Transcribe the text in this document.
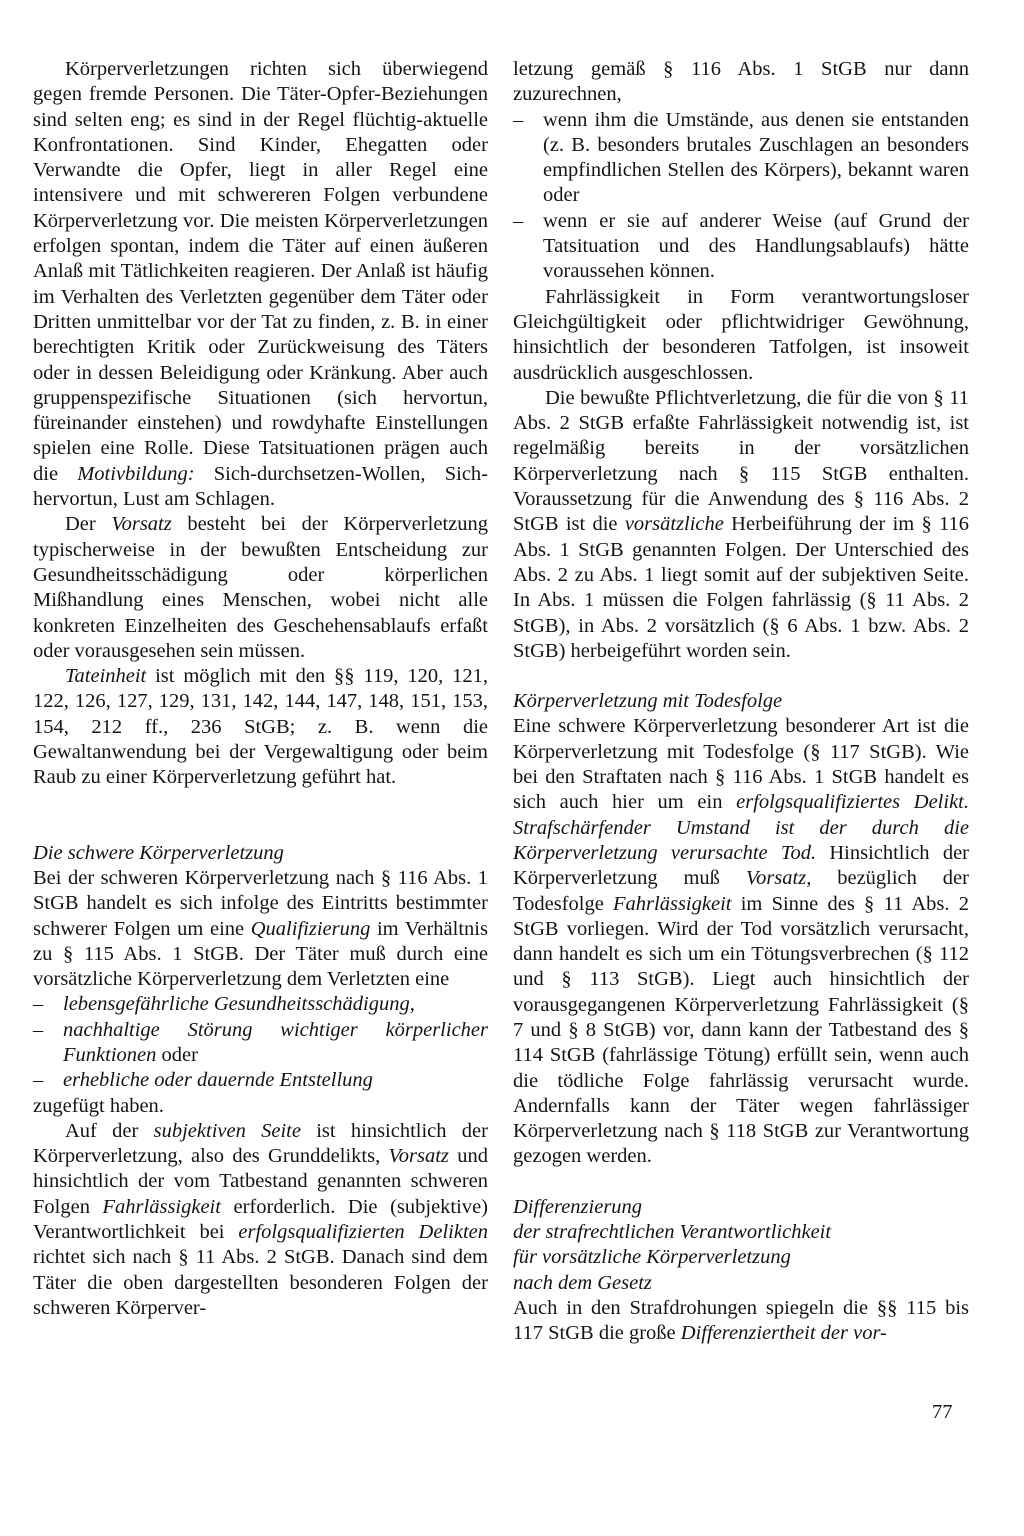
Körperverletzungen richten sich überwiegend gegen fremde Personen. Die Täter-Opfer-Beziehungen sind selten eng; es sind in der Regel flüchtig-aktuelle Konfrontationen. Sind Kinder, Ehegatten oder Verwandte die Opfer, liegt in aller Regel eine intensivere und mit schwereren Folgen verbundene Körperverletzung vor. Die meisten Körperverletzungen erfolgen spontan, indem die Täter auf einen äußeren Anlaß mit Tätlichkeiten reagieren. Der Anlaß ist häufig im Verhalten des Verletzten gegenüber dem Täter oder Dritten unmittelbar vor der Tat zu finden, z. B. in einer berechtigten Kritik oder Zurückweisung des Täters oder in dessen Beleidigung oder Kränkung. Aber auch gruppenspezifische Situationen (sich hervortun, füreinander einstehen) und rowdyhafte Einstellungen spielen eine Rolle. Diese Tatsituationen prägen auch die Motivbildung: Sich-durchsetzen-Wollen, Sich-hervortun, Lust am Schlagen.

Der Vorsatz besteht bei der Körperverletzung typischerweise in der bewußten Entscheidung zur Gesundheitsschädigung oder körperlichen Mißhandlung eines Menschen, wobei nicht alle konkreten Einzelheiten des Geschehensablaufs erfaßt oder vorausgesehen sein müssen.

Tateinheit ist möglich mit den §§ 119, 120, 121, 122, 126, 127, 129, 131, 142, 144, 147, 148, 151, 153, 154, 212 ff., 236 StGB; z. B. wenn die Gewaltanwendung bei der Vergewaltigung oder beim Raub zu einer Körperverletzung geführt hat.

Die schwere Körperverletzung

Bei der schweren Körperverletzung nach § 116 Abs. 1 StGB handelt es sich infolge des Eintritts bestimmter schwerer Folgen um eine Qualifizierung im Verhältnis zu § 115 Abs. 1 StGB. Der Täter muß durch eine vorsätzliche Körperverletzung dem Verletzten eine

– lebensgefährliche Gesundheitsschädigung,
– nachhaltige Störung wichtiger körperlicher Funktionen oder
– erhebliche oder dauernde Entstellung

zugefügt haben.

Auf der subjektiven Seite ist hinsichtlich der Körperverletzung, also des Grunddelikts, Vorsatz und hinsichtlich der vom Tatbestand genannten schweren Folgen Fahrlässigkeit erforderlich. Die (subjektive) Verantwortlichkeit bei erfolgsqualifizierten Delikten richtet sich nach § 11 Abs. 2 StGB. Danach sind dem Täter die oben dargestellten besonderen Folgen der schweren Körperver-

letzung gemäß § 116 Abs. 1 StGB nur dann zuzurechnen,

– wenn ihm die Umstände, aus denen sie entstanden (z. B. besonders brutales Zuschlagen an besonders empfindlichen Stellen des Körpers), bekannt waren oder
– wenn er sie auf anderer Weise (auf Grund der Tatsituation und des Handlungsablaufs) hätte voraussehen können.

Fahrlässigkeit in Form verantwortungsloser Gleichgültigkeit oder pflichtwidriger Gewöhnung, hinsichtlich der besonderen Tatfolgen, ist insoweit ausdrücklich ausgeschlossen.

Die bewußte Pflichtverletzung, die für die von § 11 Abs. 2 StGB erfaßte Fahrlässigkeit notwendig ist, ist regelmäßig bereits in der vorsätzlichen Körperverletzung nach § 115 StGB enthalten. Voraussetzung für die Anwendung des § 116 Abs. 2 StGB ist die vorsätzliche Herbeiführung der im § 116 Abs. 1 StGB genannten Folgen. Der Unterschied des Abs. 2 zu Abs. 1 liegt somit auf der subjektiven Seite. In Abs. 1 müssen die Folgen fahrlässig (§ 11 Abs. 2 StGB), in Abs. 2 vorsätzlich (§ 6 Abs. 1 bzw. Abs. 2 StGB) herbeigeführt worden sein.

Körperverletzung mit Todesfolge

Eine schwere Körperverletzung besonderer Art ist die Körperverletzung mit Todesfolge (§ 117 StGB). Wie bei den Straftaten nach § 116 Abs. 1 StGB handelt es sich auch hier um ein erfolgsqualifiziertes Delikt. Strafschärfender Umstand ist der durch die Körperverletzung verursachte Tod. Hinsichtlich der Körperverletzung muß Vorsatz, bezüglich der Todesfolge Fahrlässigkeit im Sinne des § 11 Abs. 2 StGB vorliegen. Wird der Tod vorsätzlich verursacht, dann handelt es sich um ein Tötungsverbrechen (§ 112 und § 113 StGB). Liegt auch hinsichtlich der vorausgegangenen Körperverletzung Fahrlässigkeit (§ 7 und § 8 StGB) vor, dann kann der Tatbestand des § 114 StGB (fahrlässige Tötung) erfüllt sein, wenn auch die tödliche Folge fahrlässig verursacht wurde. Andernfalls kann der Täter wegen fahrlässiger Körperverletzung nach § 118 StGB zur Verantwortung gezogen werden.

Differenzierung

der strafrechtlichen Verantwortlichkeit

für vorsätzliche Körperverletzung

nach dem Gesetz

Auch in den Strafdrohungen spiegeln die §§ 115 bis 117 StGB die große Differenziertheit der vor-

77
